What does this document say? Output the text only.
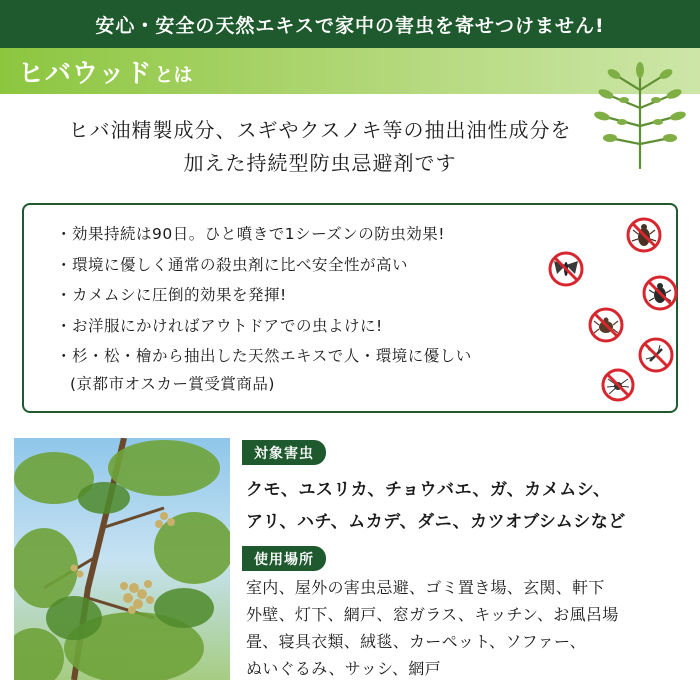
安心・安全の天然エキスで家中の害虫を寄せつけません!
ヒバウッド とは
ヒバ油精製成分、スギやクスノキ等の抽出油性成分を
加えた持続型防虫忌避剤です
・効果持続は90日。ひと噴きで1シーズンの防虫効果!
・環境に優しく通常の殺虫剤に比べ安全性が高い
・カメムシに圧倒的効果を発揮!
・お洋服にかければアウトドアでの虫よけに!
・杉・松・檜から抽出した天然エキスで人・環境に優しい
(京都市オスカー賞受賞商品)
対象害虫
クモ、ユスリカ、チョウバエ、ガ、カメムシ、
アリ、ハチ、ムカデ、ダニ、カツオブシムシなど
使用場所
室内、屋外の害虫忌避、ゴミ置き場、玄関、軒下
外壁、灯下、網戸、窓ガラス、キッチン、お風呂場
畳、寝具衣類、絨毯、カーペット、ソファー、
ぬいぐるみ、サッシ、網戸
